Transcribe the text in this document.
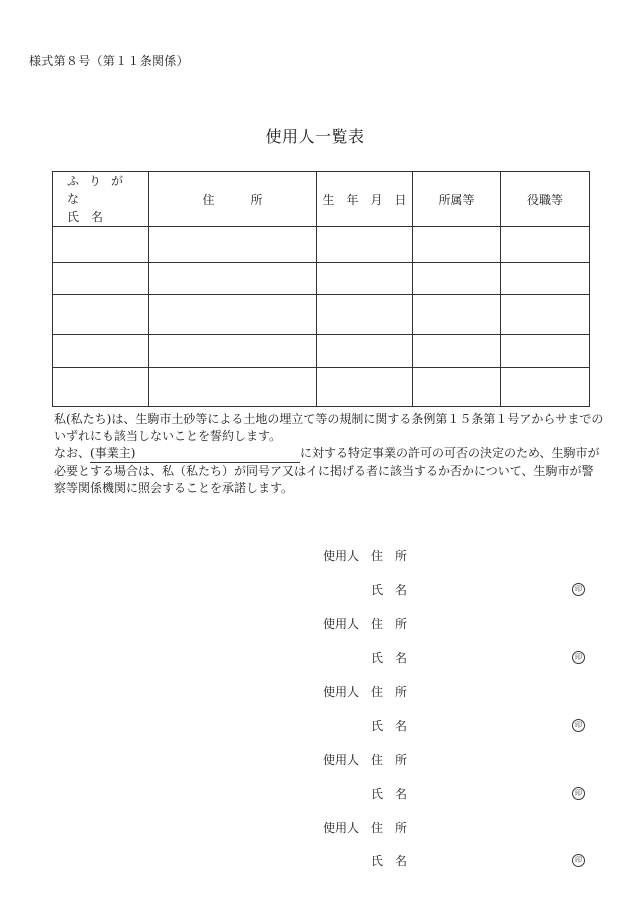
様式第８号（第１１条関係）
使用人一覧表
ふりがな
氏　名	住　　　所	生　年　月　日	所属等	役職等

私(私たち)は、生駒市土砂等による土地の埋立て等の規制に関する条例第１５条第１号アからサまでのいずれにも該当しないことを誓約します。
なお、(事業主)	に対する特定事業の許可の可否の決定のため、生駒市が必要とする場合は、私（私たち）が同号ア又はイに掲げる者に該当するか否かについて、生駒市が警察等関係機関に照会することを承諾します。
使用人 住所
氏名	印
使用人 住所
氏名	印
使用人 住所
氏名	印
使用人 住所
氏名	印
使用人 住所
氏名	印
